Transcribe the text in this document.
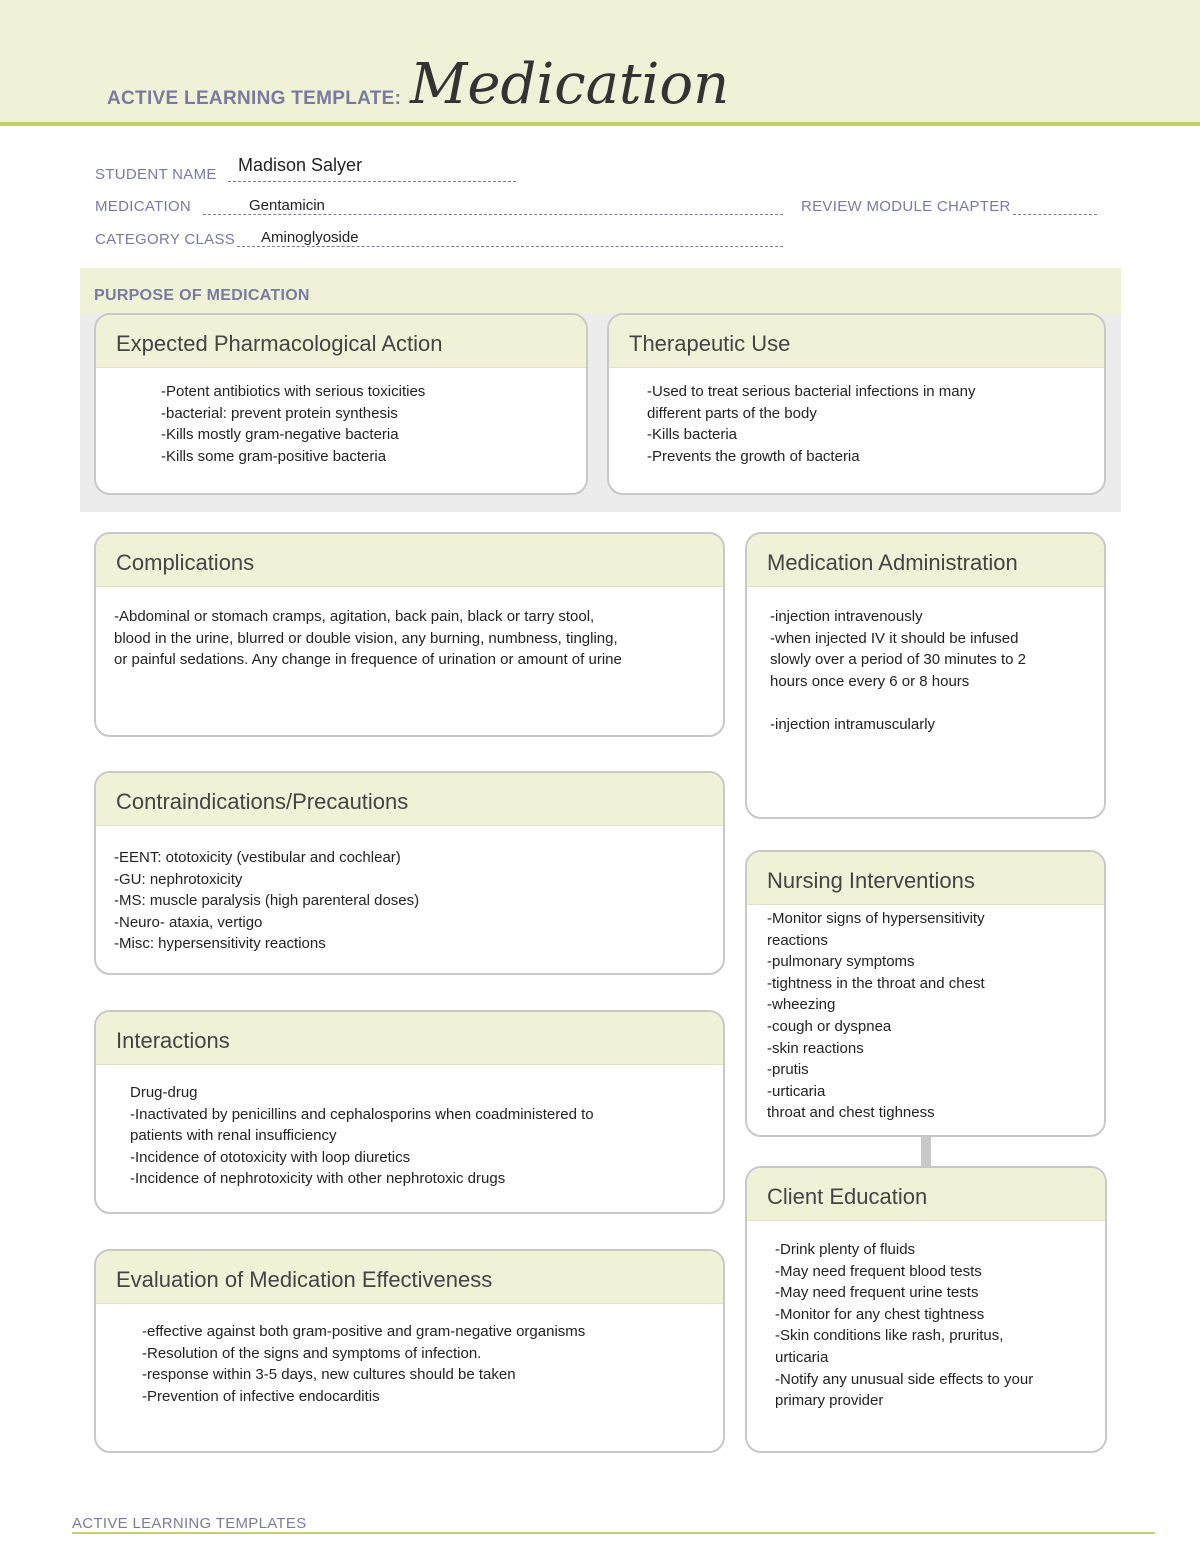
ACTIVE LEARNING TEMPLATE: Medication
STUDENT NAME Madison Salyer
MEDICATION	Gentamicin	REVIEW MODULE CHAPTER
CATEGORY CLASS Aminoglyoside
PURPOSE OF MEDICATION
Expected Pharmacological Action
-Potent antibiotics with serious toxicities
-bacterial: prevent protein synthesis
-Kills mostly gram-negative bacteria
-Kills some gram-positive bacteria
Therapeutic Use
-Used to treat serious bacterial infections in many
different parts of the body
-Kills bacteria
-Prevents the growth of bacteria
Complications
-Abdominal or stomach cramps, agitation, back pain, black or tarry stool,
blood in the urine, blurred or double vision, any burning, numbness, tingling,
or painful sedations. Any change in frequence of urination or amount of urine
Contraindications/Precautions
-EENT: ototoxicity (vestibular and cochlear)
-GU: nephrotoxicity
-MS: muscle paralysis (high parenteral doses)
-Neuro- ataxia, vertigo
-Misc: hypersensitivity reactions
Interactions
Drug-drug
-Inactivated by penicillins and cephalosporins when coadministered to
patients with renal insufficiency
-Incidence of ototoxicity with loop diuretics
-Incidence of nephrotoxicity with other nephrotoxic drugs
Evaluation of Medication Effectiveness
-effective against both gram-positive and gram-negative organisms
-Resolution of the signs and symptoms of infection.
-response within 3-5 days, new cultures should be taken
-Prevention of infective endocarditis
Medication Administration
-injection intravenously
-when injected IV it should be infused
slowly over a period of 30 minutes to 2
hours once every 6 or 8 hours

-injection intramuscularly
Nursing Interventions
-Monitor signs of hypersensitivity
reactions
-pulmonary symptoms
-tightness in the throat and chest
-wheezing
-cough or dyspnea
-skin reactions
-prutis
-urticaria
throat and chest tighness
Client Education
-Drink plenty of fluids
-May need frequent blood tests
-May need frequent urine tests
-Monitor for any chest tightness
-Skin conditions like rash, pruritus,
urticaria
-Notify any unusual side effects to your
primary provider
ACTIVE LEARNING TEMPLATES
